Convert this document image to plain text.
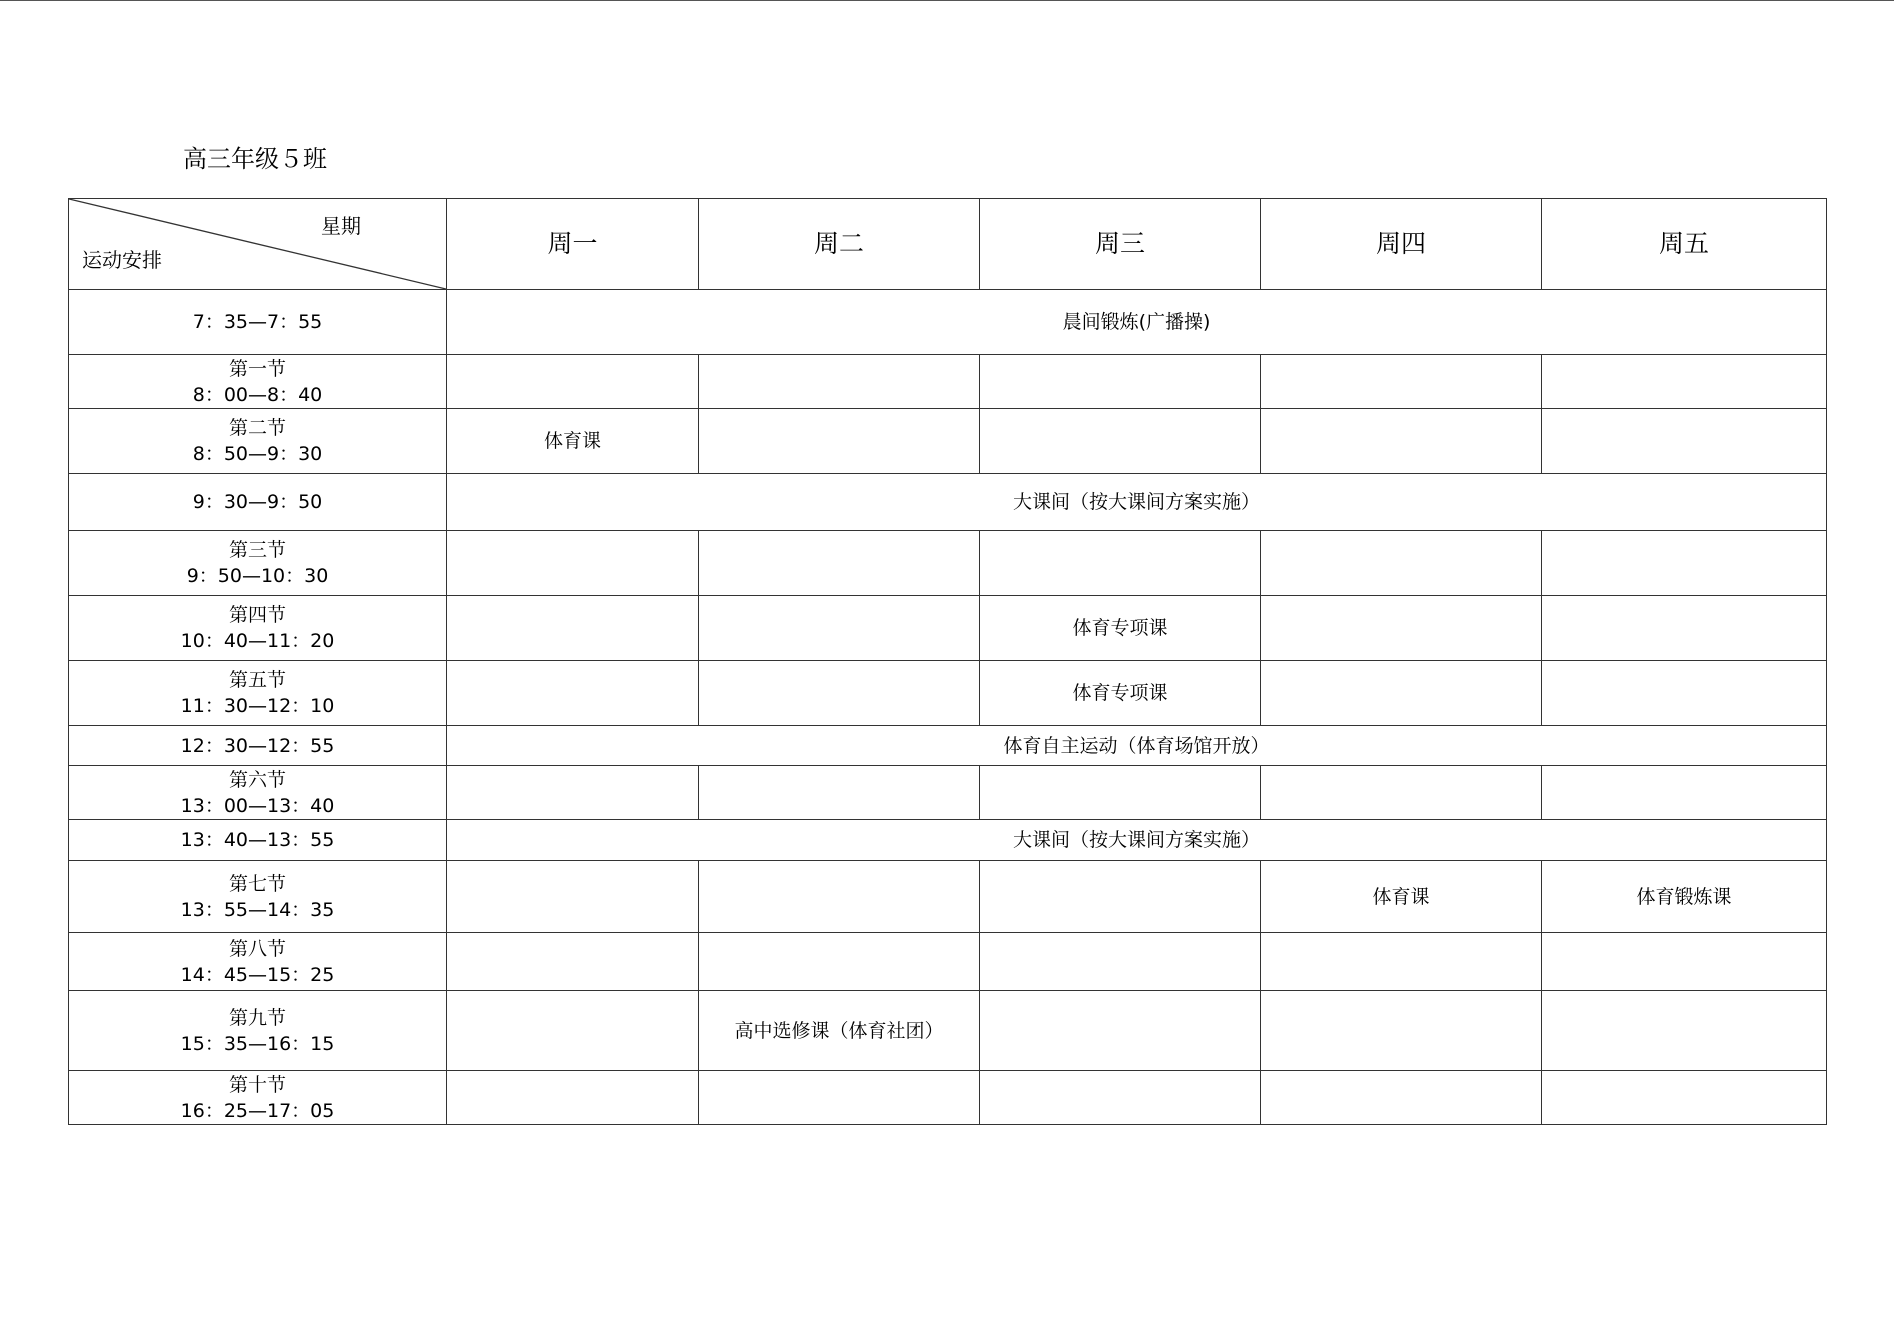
高三年级５班
星期
运动安排	周一	周二	周三	周四	周五

7：35—7：55	晨间锻炼(广播操)				

第一节
8：00—8：40					

第二节
8：50—9：30	体育课				

9：30—9：50	大课间（按大课间方案实施）				

第三节
9：50—10：30					

第四节
10：40—11：20			体育专项课		

第五节
11：30—12：10			体育专项课		

12：30—12：55	体育自主运动（体育场馆开放）				

第六节
13：00—13：40					

13：40—13：55	大课间（按大课间方案实施）				

第七节
13：55—14：35				体育课	体育锻炼课

第八节
14：45—15：25					

第九节
15：35—16：15		高中选修课（体育社团）			

第十节
16：25—17：05					
